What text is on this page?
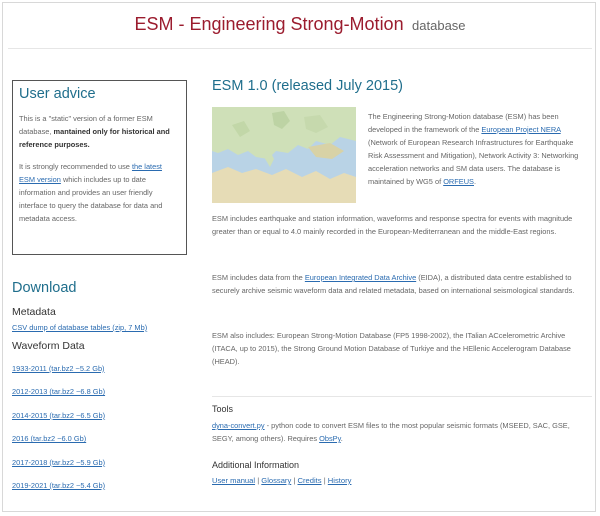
ESM - Engineering Strong-Motion database
User advice

This is a "static" version of a former ESM database, mantained only for historical and reference purposes.

It is strongly recommended to use the latest ESM version which includes up to date information and provides an user friendly interface to query the database for data and metadata access.

Download
Metadata
CSV dump of database tables (zip, 7 Mb)
Waveform Data
1933-2011 (tar.bz2 ~5.2 Gb)
2012-2013 (tar.bz2 ~6.8 Gb)
2014-2015 (tar.bz2 ~6.5 Gb)
2016 (tar.bz2 ~6.0 Gb)
2017-2018 (tar.bz2 ~5.9 Gb)
2019-2021 (tar.bz2 ~5.4 Gb)
ESM 1.0 (released July 2015)
The Engineering Strong-Motion database (ESM) has been developed in the framework of the European Project NERA (Network of European Research Infrastructures for Earthquake Risk Assessment and Mitigation), Network Activity 3: Networking acceleration networks and SM data users. The database is maintained by WG5 of ORFEUS.

ESM includes earthquake and station information, waveforms and response spectra for events with magnitude greater than or equal to 4.0 mainly recorded in the European-Mediterranean and the middle-East regions.

ESM includes data from the European Integrated Data Archive (EIDA), a distributed data centre established to securely archive seismic waveform data and related metadata, based on international seismological standards.

ESM also includes: European Strong-Motion Database (FP5 1998-2002), the ITalian ACcelerometric Archive (ITACA, up to 2015), the Strong Ground Motion Database of Turkiye and the HEllenic Accelerogram Database (HEAD).

Tools

dyna-convert.py - python code to convert ESM files to the most popular seismic formats (MSEED, SAC, GSE, SEGY, among others). Requires ObsPy.

Additional Information
User manual | Glossary | Credits | History
